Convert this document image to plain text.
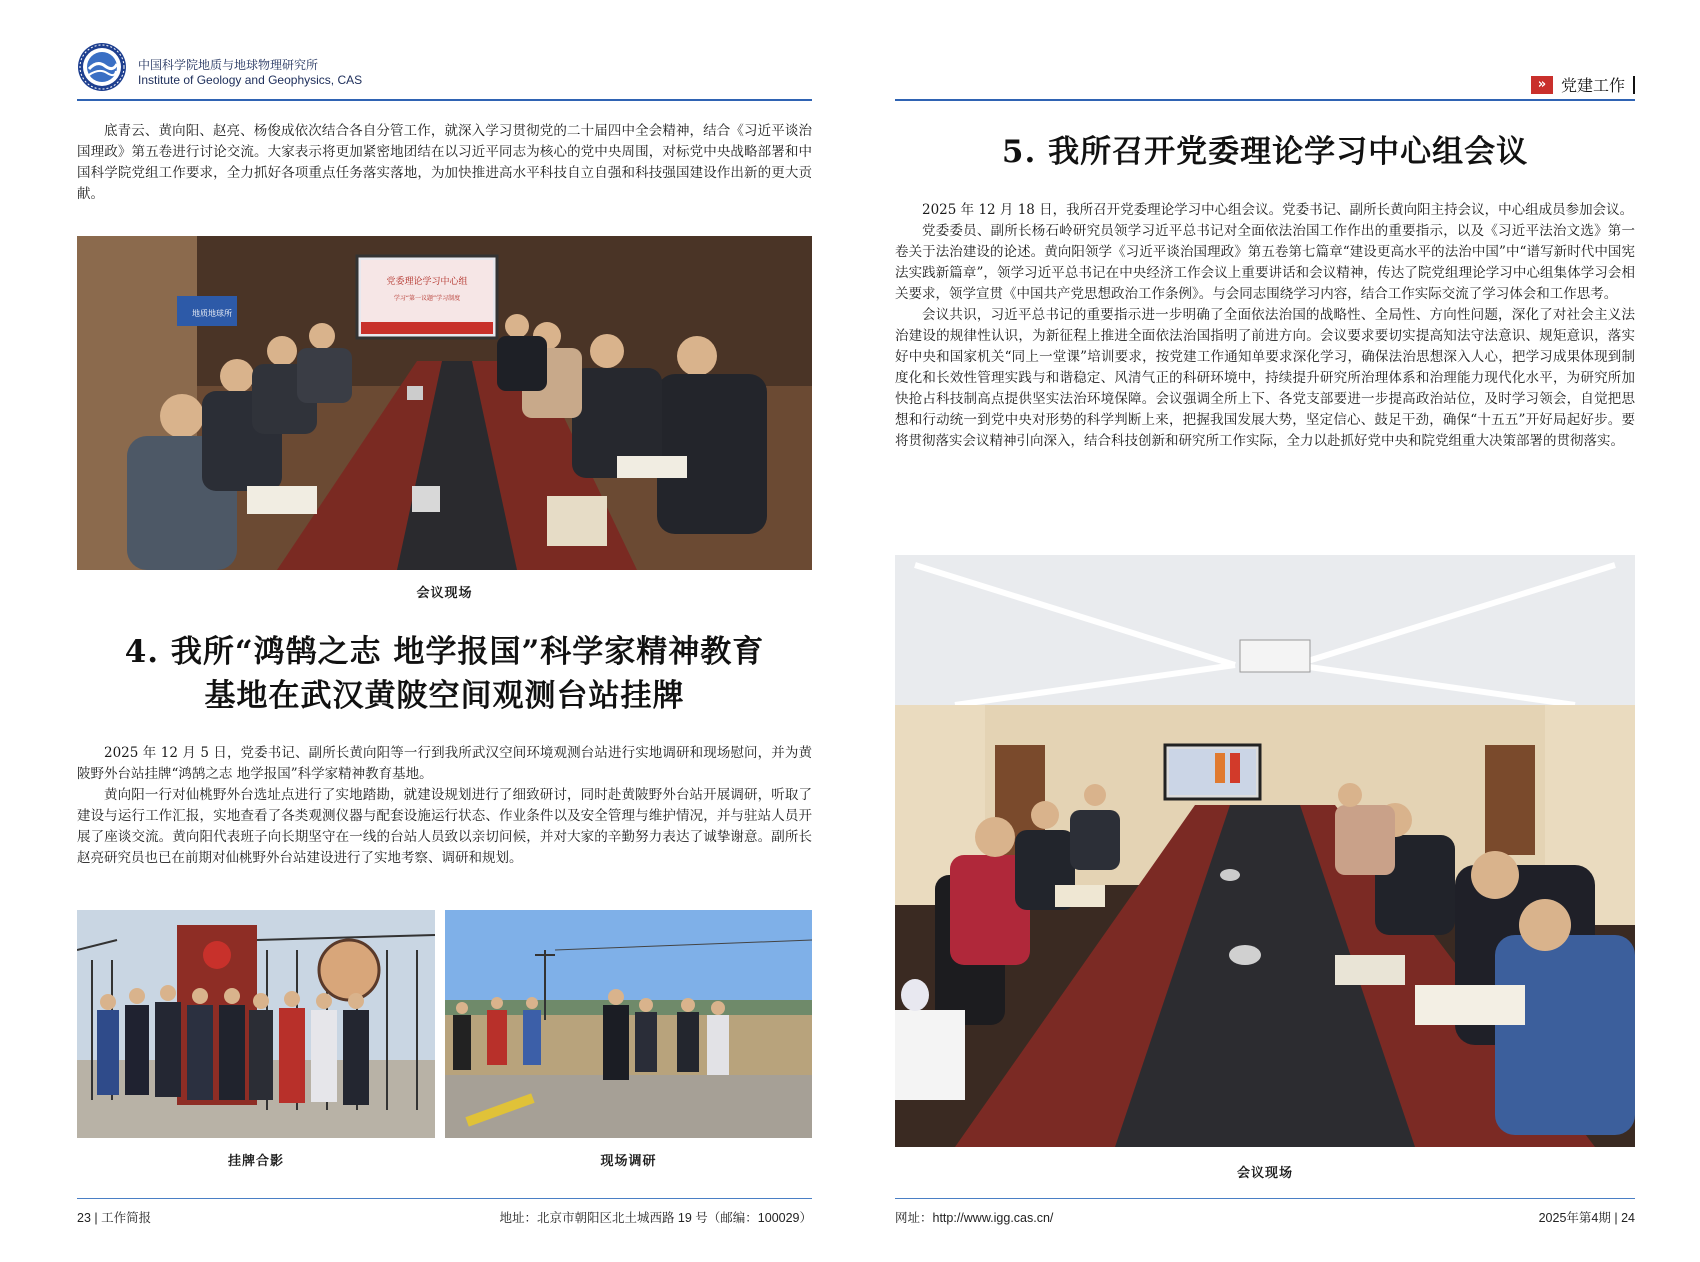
中国科学院地质与地球物理研究所
Institute of Geology and Geophysics, CAS

底青云、黄向阳、赵亮、杨俊成依次结合各自分管工作，就深入学习贯彻党的二十届四中全会精神，结合《习近平谈治国理政》第五卷进行讨论交流。大家表示将更加紧密地团结在以习近平同志为核心的党中央周围，对标党中央战略部署和中国科学院党组工作要求，全力抓好各项重点任务落实落地，为加快推进高水平科技自立自强和科技强国建设作出新的更大贡献。

党委理论学习中心组
学习“第一议题”学习制度
地质地球所
会议现场
4. 我所“鸿鹄之志 地学报国”科学家精神教育
基地在武汉黄陂空间观测台站挂牌

2025 年 12 月 5 日，党委书记、副所长黄向阳等一行到我所武汉空间环境观测台站进行实地调研和现场慰问，并为黄陂野外台站挂牌“鸿鹄之志 地学报国”科学家精神教育基地。

黄向阳一行对仙桃野外台选址点进行了实地踏勘，就建设规划进行了细致研讨，同时赴黄陂野外台站开展调研，听取了建设与运行工作汇报，实地查看了各类观测仪器与配套设施运行状态、作业条件以及安全管理与维护情况，并与驻站人员开展了座谈交流。黄向阳代表班子向长期坚守在一线的台站人员致以亲切问候，并对大家的辛勤努力表达了诚挚谢意。副所长赵亮研究员也已在前期对仙桃野外台站建设进行了实地考察、调研和规划。

挂牌合影	现场调研
23 | 工作简报	地址：北京市朝阳区北土城西路 19 号（邮编：100029）
» 党建工作
5. 我所召开党委理论学习中心组会议

2025 年 12 月 18 日，我所召开党委理论学习中心组会议。党委书记、副所长黄向阳主持会议，中心组成员参加会议。

党委委员、副所长杨石岭研究员领学习近平总书记对全面依法治国工作作出的重要指示，以及《习近平法治文选》第一卷关于法治建设的论述。黄向阳领学《习近平谈治国理政》第五卷第七篇章“建设更高水平的法治中国”中“谱写新时代中国宪法实践新篇章”，领学习近平总书记在中央经济工作会议上重要讲话和会议精神，传达了院党组理论学习中心组集体学习会相关要求，领学宣贯《中国共产党思想政治工作条例》。与会同志围绕学习内容，结合工作实际交流了学习体会和工作思考。

会议共识，习近平总书记的重要指示进一步明确了全面依法治国的战略性、全局性、方向性问题，深化了对社会主义法治建设的规律性认识，为新征程上推进全面依法治国指明了前进方向。会议要求要切实提高知法守法意识、规矩意识，落实好中央和国家机关“同上一堂课”培训要求，按党建工作通知单要求深化学习，确保法治思想深入人心，把学习成果体现到制度化和长效性管理实践与和谐稳定、风清气正的科研环境中，持续提升研究所治理体系和治理能力现代化水平，为研究所加快抢占科技制高点提供坚实法治环境保障。会议强调全所上下、各党支部要进一步提高政治站位，及时学习领会，自觉把思想和行动统一到党中央对形势的科学判断上来，把握我国发展大势，坚定信心、鼓足干劲，确保“十五五”开好局起好步。要将贯彻落实会议精神引向深入，结合科技创新和研究所工作实际，全力以赴抓好党中央和院党组重大决策部署的贯彻落实。

会议现场
网址：http://www.igg.cas.cn/	2025年第4期 | 24
